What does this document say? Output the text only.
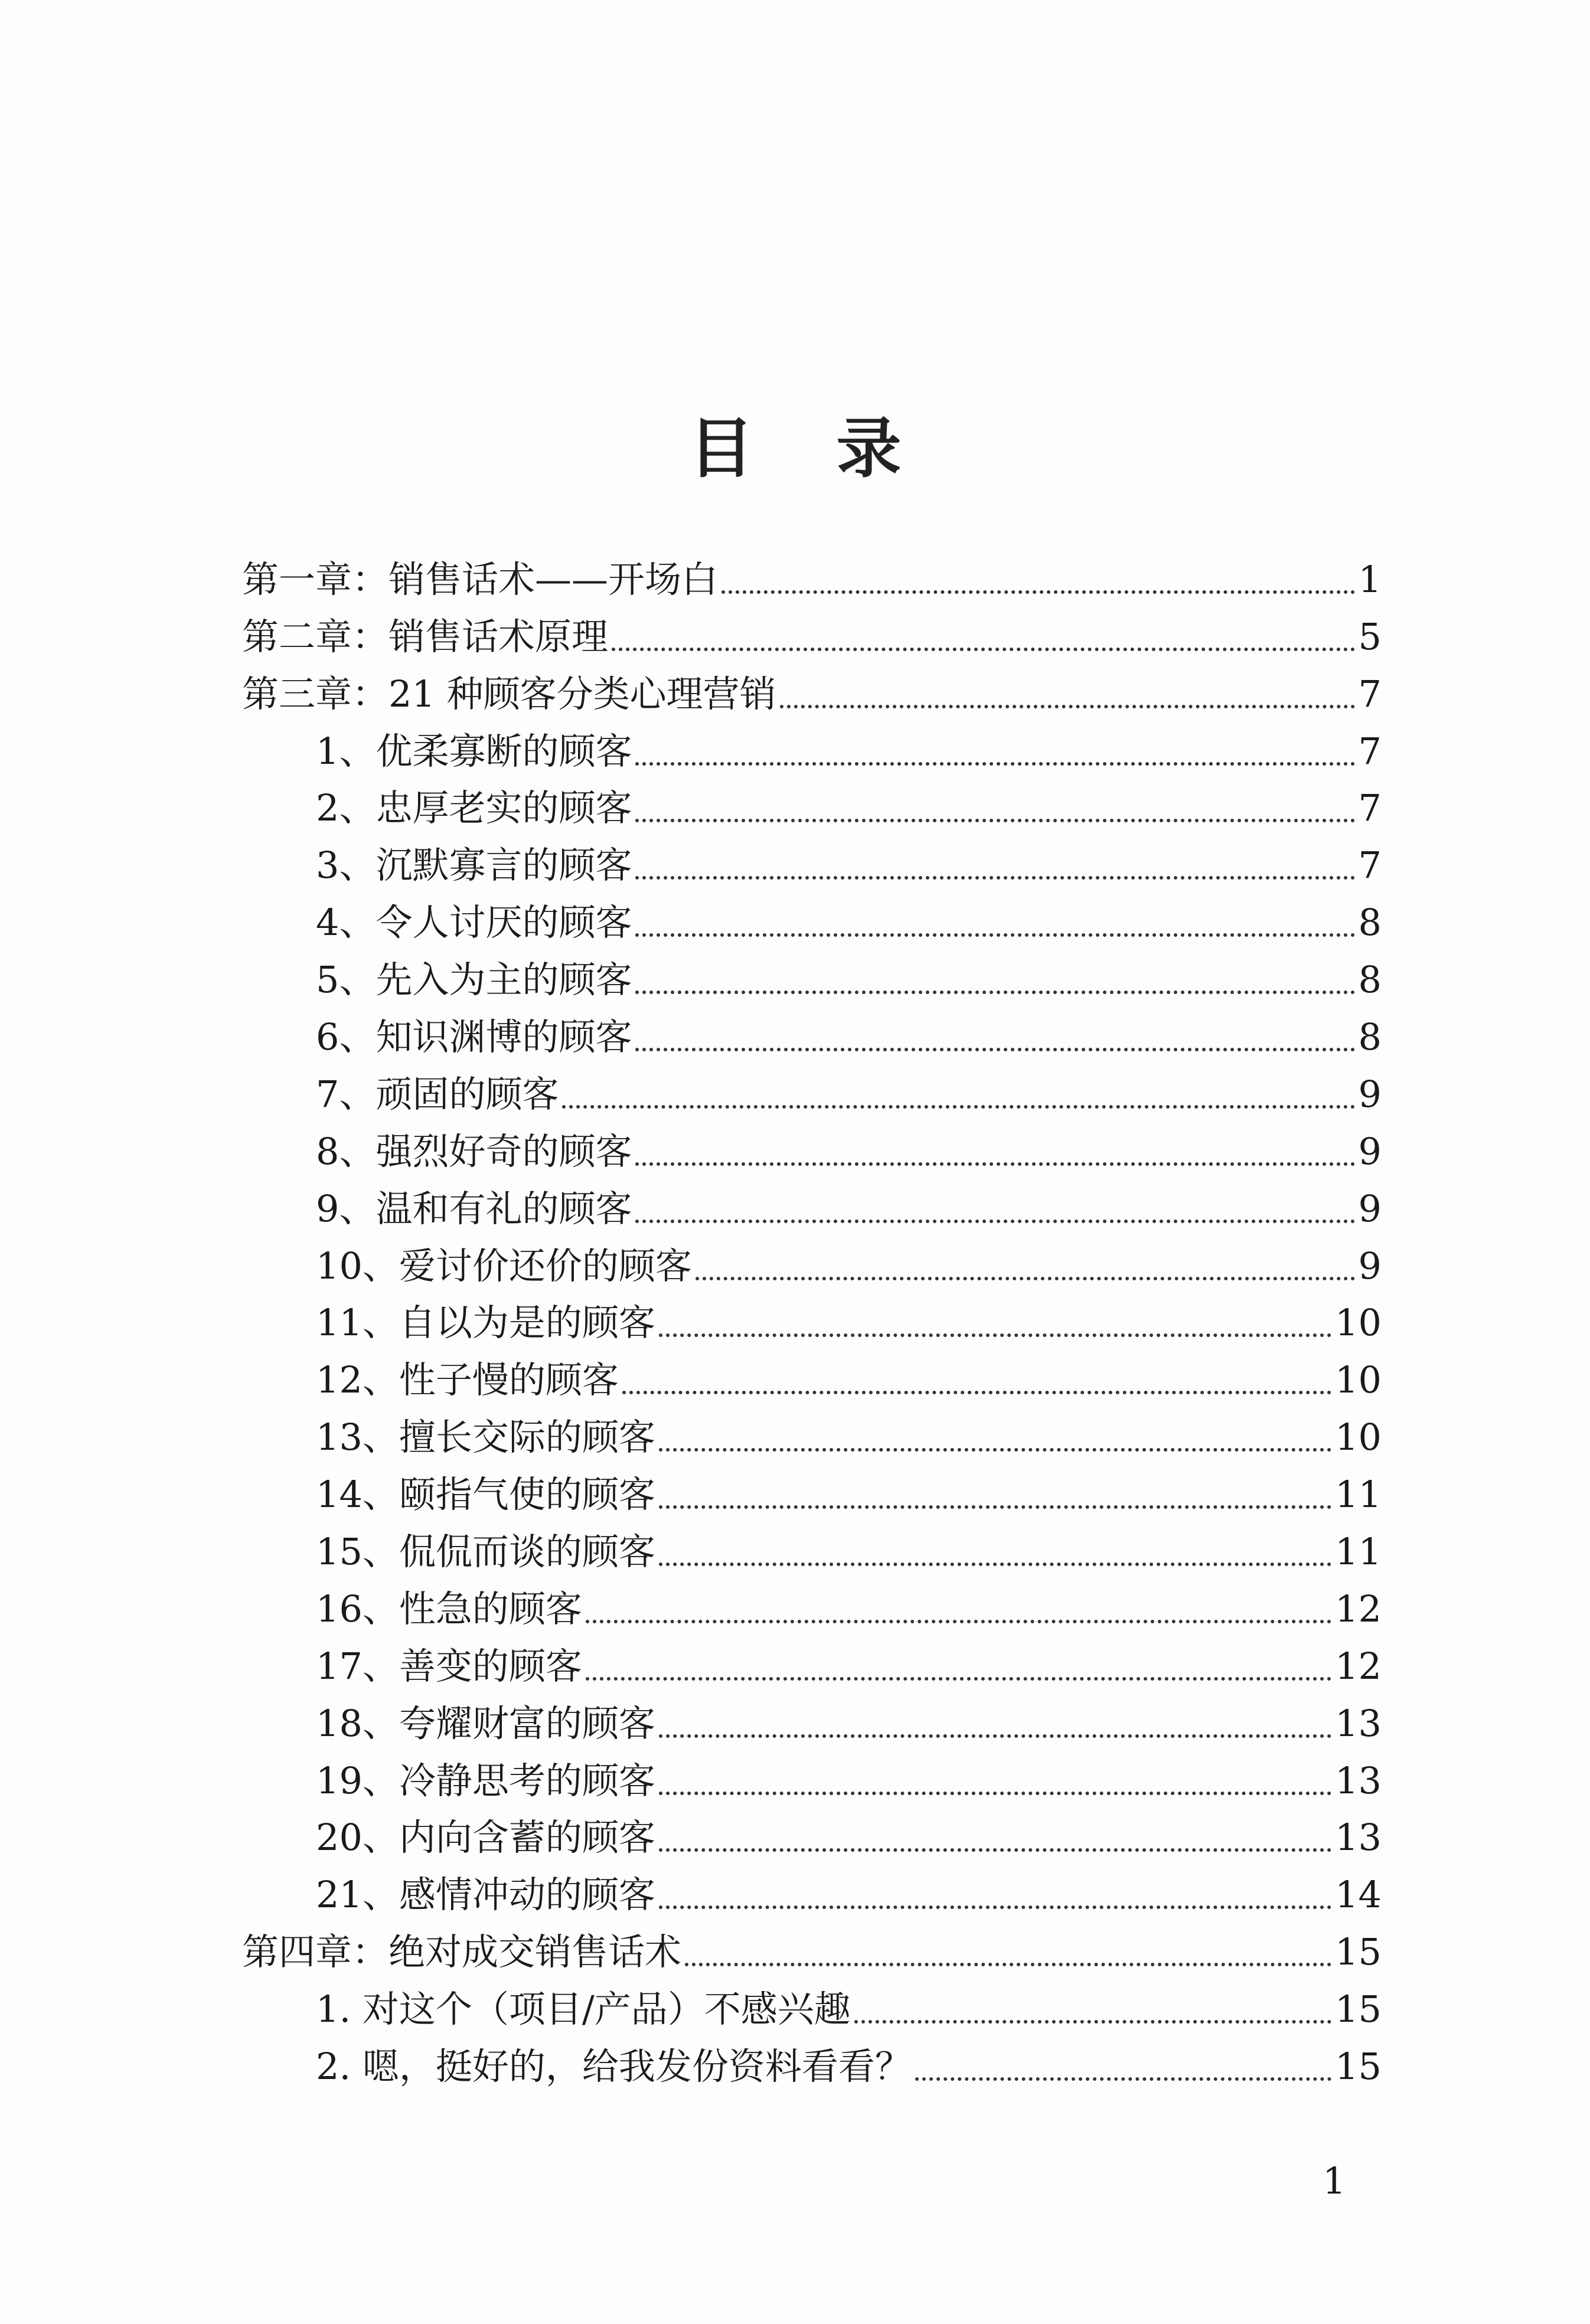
目 录
第一章：销售话术——开场白	1
第二章：销售话术原理	5
第三章：21 种顾客分类心理营销	7
1、优柔寡断的顾客	7
2、忠厚老实的顾客	7
3、沉默寡言的顾客	7
4、令人讨厌的顾客	8
5、先入为主的顾客	8
6、知识渊博的顾客	8
7、顽固的顾客	9
8、强烈好奇的顾客	9
9、温和有礼的顾客	9
10、爱讨价还价的顾客	9
11、自以为是的顾客	10
12、性子慢的顾客	10
13、擅长交际的顾客	10
14、颐指气使的顾客	11
15、侃侃而谈的顾客	11
16、性急的顾客	12
17、善变的顾客	12
18、夸耀财富的顾客	13
19、冷静思考的顾客	13
20、内向含蓄的顾客	13
21、感情冲动的顾客	14
第四章：绝对成交销售话术	15
1. 对这个（项目/产品）不感兴趣	15
2. 嗯，挺好的，给我发份资料看看？	15
1
